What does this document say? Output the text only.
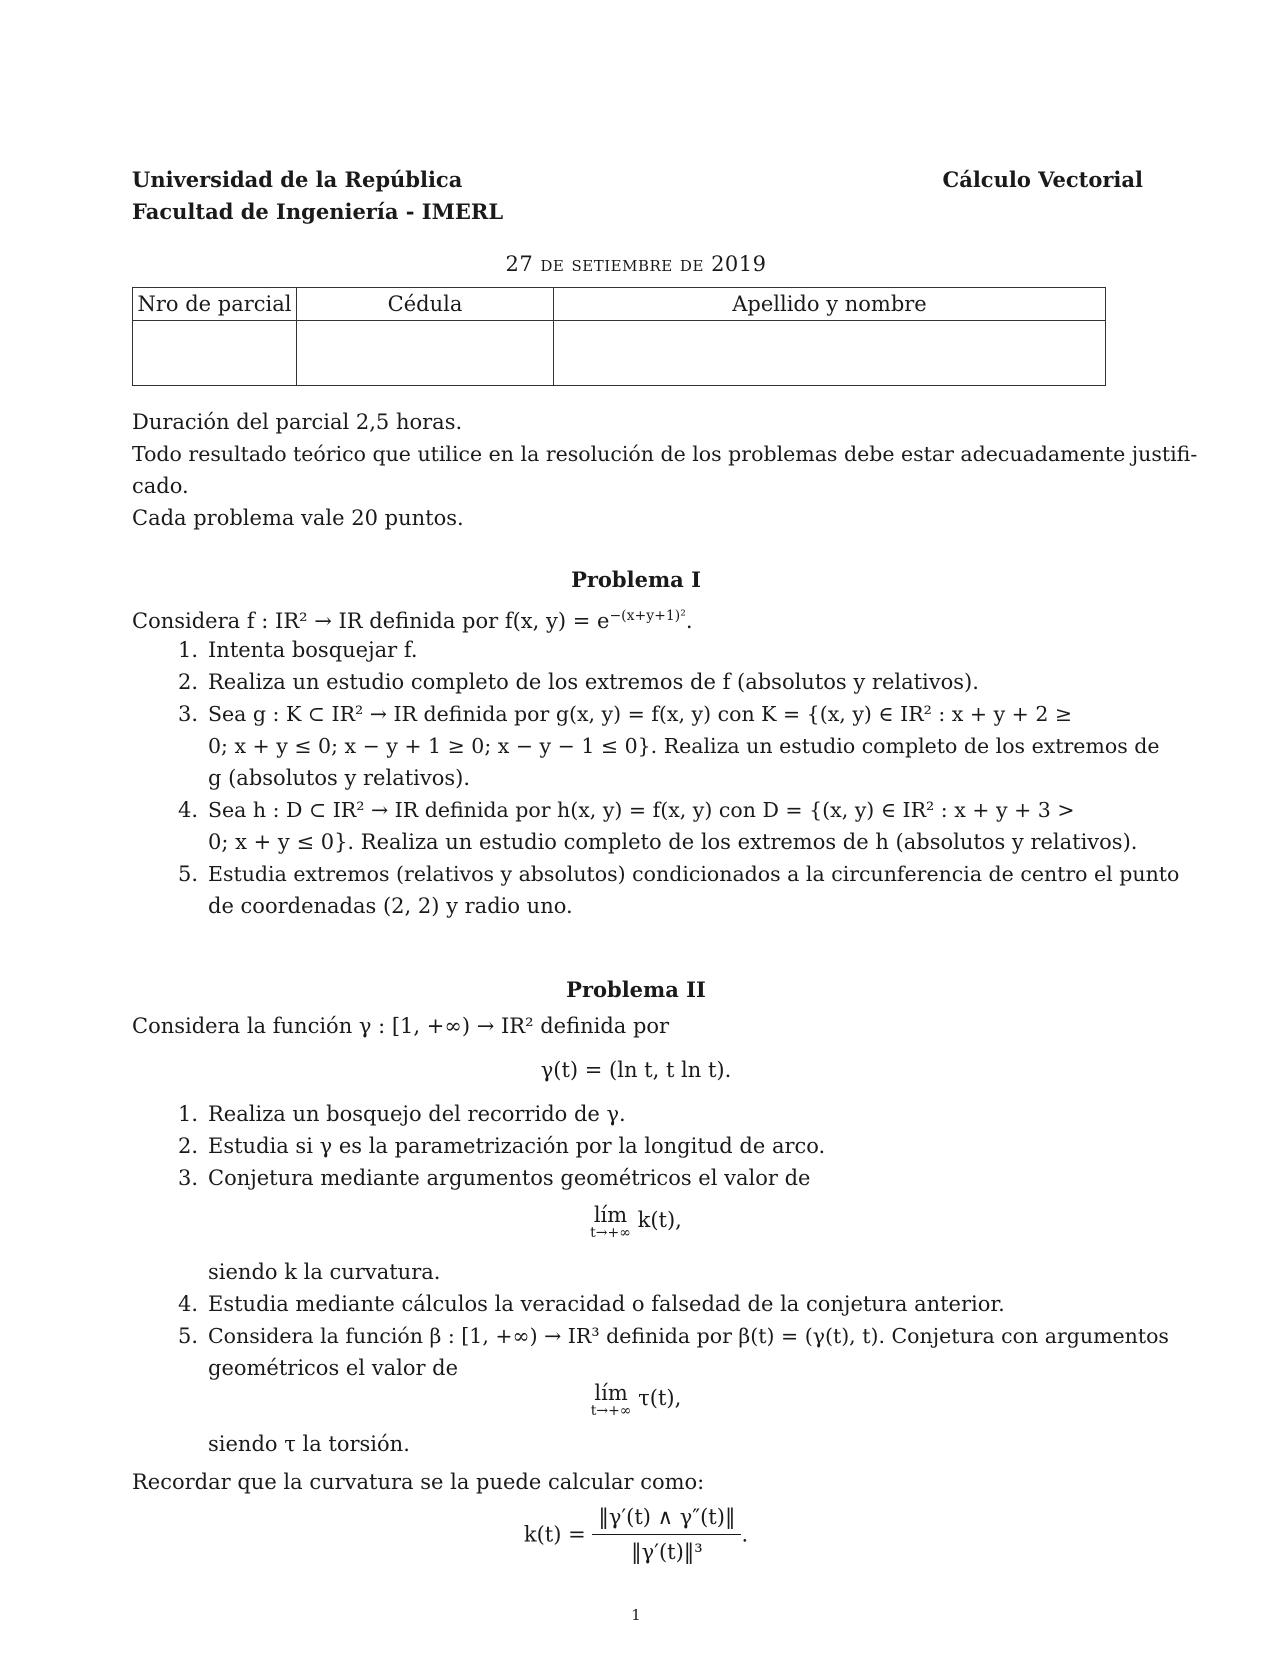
Universidad de la República
Facultad de Ingeniería - IMERL
Cálculo Vectorial
27 de setiembre de 2019
Nro de parcial	Cédula	Apellido y nombre

Duración del parcial 2,5 horas.
Todo resultado teórico que utilice en la resolución de los problemas debe estar adecuadamente justifi-
cado.
Cada problema vale 20 puntos.
Problema I
Considera f : IR² → IR definida por f(x, $y) = e^{-(x+y+1)^2}$.
1. Intenta bosquejar f.
2. Realiza un estudio completo de los extremos de f (absolutos y relativos).
3. Sea g : K ⊂ IR² → IR definida por g(x, y) = f(x, y) con K = {(x, y) ∈ IR² : x + y + 2 ≥
0; x + y ≤ 0; x − y + 1 ≥ 0; x − y − 1 ≤ 0}. Realiza un estudio completo de los extremos de
g (absolutos y relativos).
4. Sea h : D ⊂ IR² → IR definida por h(x, y) = f(x, y) con D = {(x, y) ∈ IR² : x + y + 3 >
0; x + y ≤ 0}. Realiza un estudio completo de los extremos de h (absolutos y relativos).
5. Estudia extremos (relativos y absolutos) condicionados a la circunferencia de centro el punto
de coordenadas (2, 2) y radio uno.
Problema II
Considera la función γ : [1, +∞) → IR² definida por
γ(t) = (ln t, t ln t).
1. Realiza un bosquejo del recorrido de γ.
2. Estudia si γ es la parametrización por la longitud de arco.
3. Conjetura mediante argumentos geométricos el valor de
lím
t→+∞
k(t),
siendo k la curvatura.
4. Estudia mediante cálculos la veracidad o falsedad de la conjetura anterior.
5. Considera la función β : [1, +∞) → IR³ definida por β(t) = (γ(t), t). Conjetura con argumentos
geométricos el valor de
lím
t→+∞
τ(t),
siendo τ la torsión.
Recordar que la curvatura se la puede calcular como:
$k(t) = \frac{‖\gamma'(t) \wedge \gamma''(t)‖}{\text{‖γ′(t)‖³}}$ .
1
